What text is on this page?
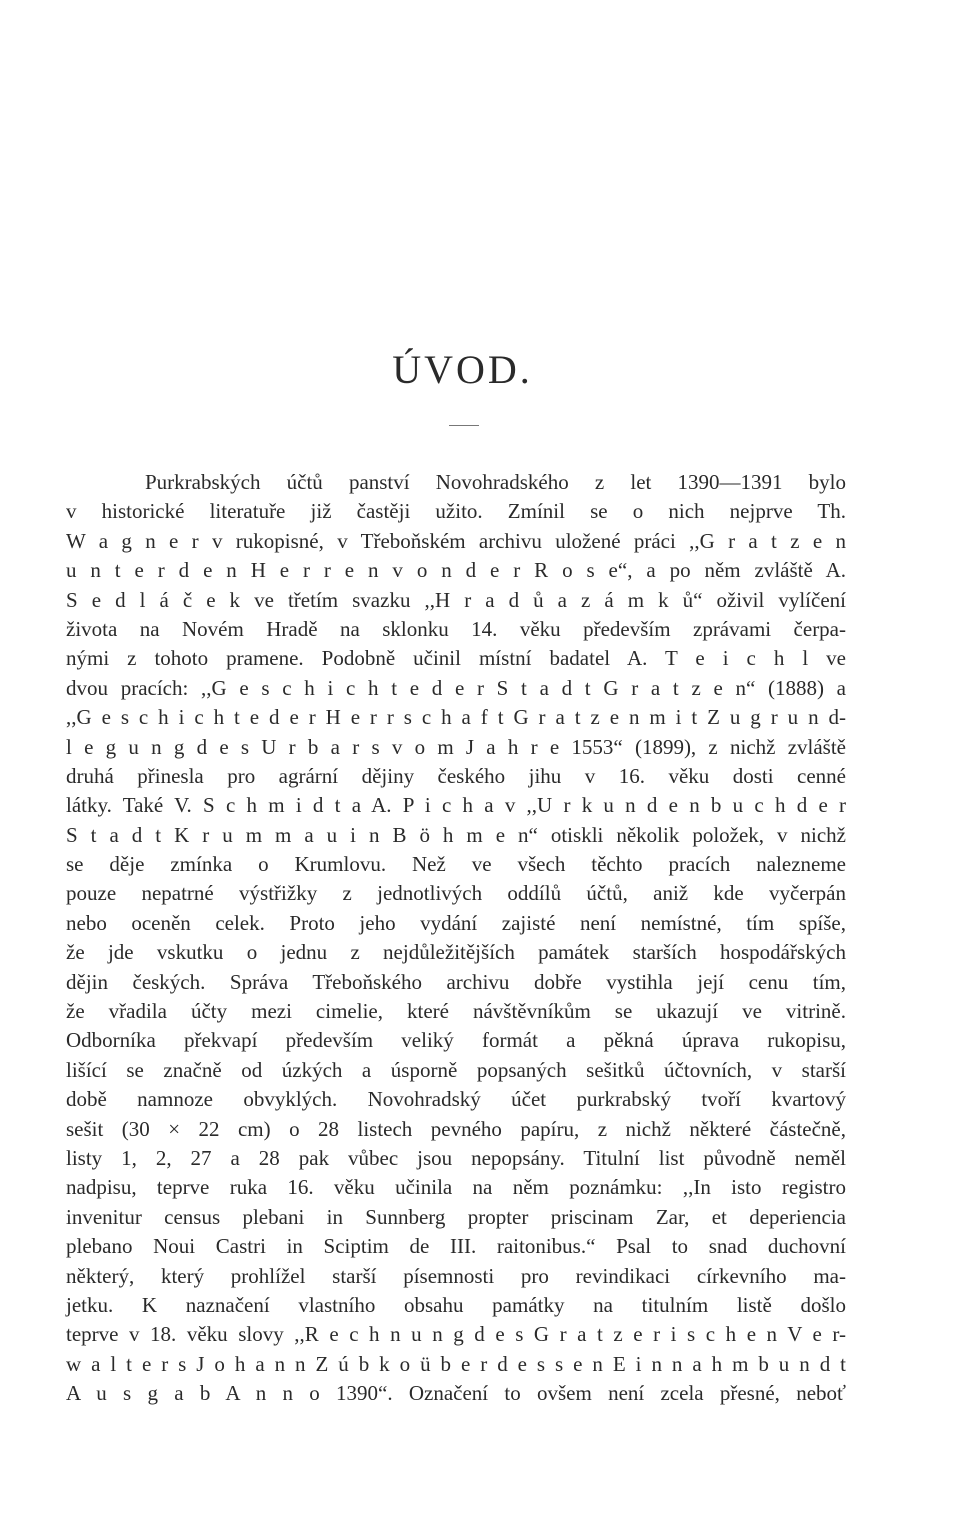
ÚVOD.
Purkrabských účtů panství Novohradského z let 1390—1391 bylo
v historické literatuře již častěji užito. Zmínil se o nich nejprve Th.
W a g n e r v rukopisné, v Třeboňském archivu uložené práci ,,G r a t z e n
u n t e r d e n H e r r e n v o n d e r R o s e“, a po něm zvláště A.
S e d l á č e k ve třetím svazku ,,H r a d ů a z á m k ů“ oživil vylíčení
života na Novém Hradě na sklonku 14. věku především zprávami čerpa-
nými z tohoto pramene. Podobně učinil místní badatel A. T e i c h l ve
dvou pracích: ,,G e s c h i c h t e d e r S t a d t G r a t z e n“ (1888) a
,,G e s c h i c h t e d e r H e r r s c h a f t G r a t z e n m i t Z u g r u n d-
l e g u n g d e s U r b a r s v o m J a h r e 1553“ (1899), z nichž zvláště
druhá přinesla pro agrární dějiny českého jihu v 16. věku dosti cenné
látky. Také V. S c h m i d t a A. P i c h a v ,,U r k u n d e n b u c h d e r
S t a d t K r u m m a u i n B ö h m e n“ otiskli několik položek, v nichž
se děje zmínka o Krumlovu. Než ve všech těchto pracích nalezneme
pouze nepatrné výstřižky z jednotlivých oddílů účtů, aniž kde vyčerpán
nebo oceněn celek. Proto jeho vydání zajisté není nemístné, tím spíše,
že jde vskutku o jednu z nejdůležitějších památek starších hospodářských
dějin českých. Správa Třeboňského archivu dobře vystihla její cenu tím,
že vřadila účty mezi cimelie, které návštěvníkům se ukazují ve vitrině.
Odborníka překvapí především veliký formát a pěkná úprava rukopisu,
lišící se značně od úzkých a úsporně popsaných sešitků účtovních, v starší
době namnoze obvyklých. Novohradský účet purkrabský tvoří kvartový
sešit (30 × 22 cm) o 28 listech pevného papíru, z nichž některé částečně,
listy 1, 2, 27 a 28 pak vůbec jsou nepopsány. Titulní list původně neměl
nadpisu, teprve ruka 16. věku učinila na něm poznámku: ,,In isto registro
invenitur census plebani in Sunnberg propter priscinam Zar, et deperiencia
plebano Noui Castri in Sciptim de III. raitonibus.“ Psal to snad duchovní
některý, který prohlížel starší písemnosti pro revindikaci církevního ma-
jetku. K naznačení vlastního obsahu památky na titulním listě došlo
teprve v 18. věku slovy ,,R e c h n u n g d e s G r a t z e r i s c h e n V e r-
w a l t e r s J o h a n n Z ú b k o ü b e r d e s s e n E i n n a h m b u n d t
A u s g a b A n n o 1390“. Označení to ovšem není zcela přesné, neboť
